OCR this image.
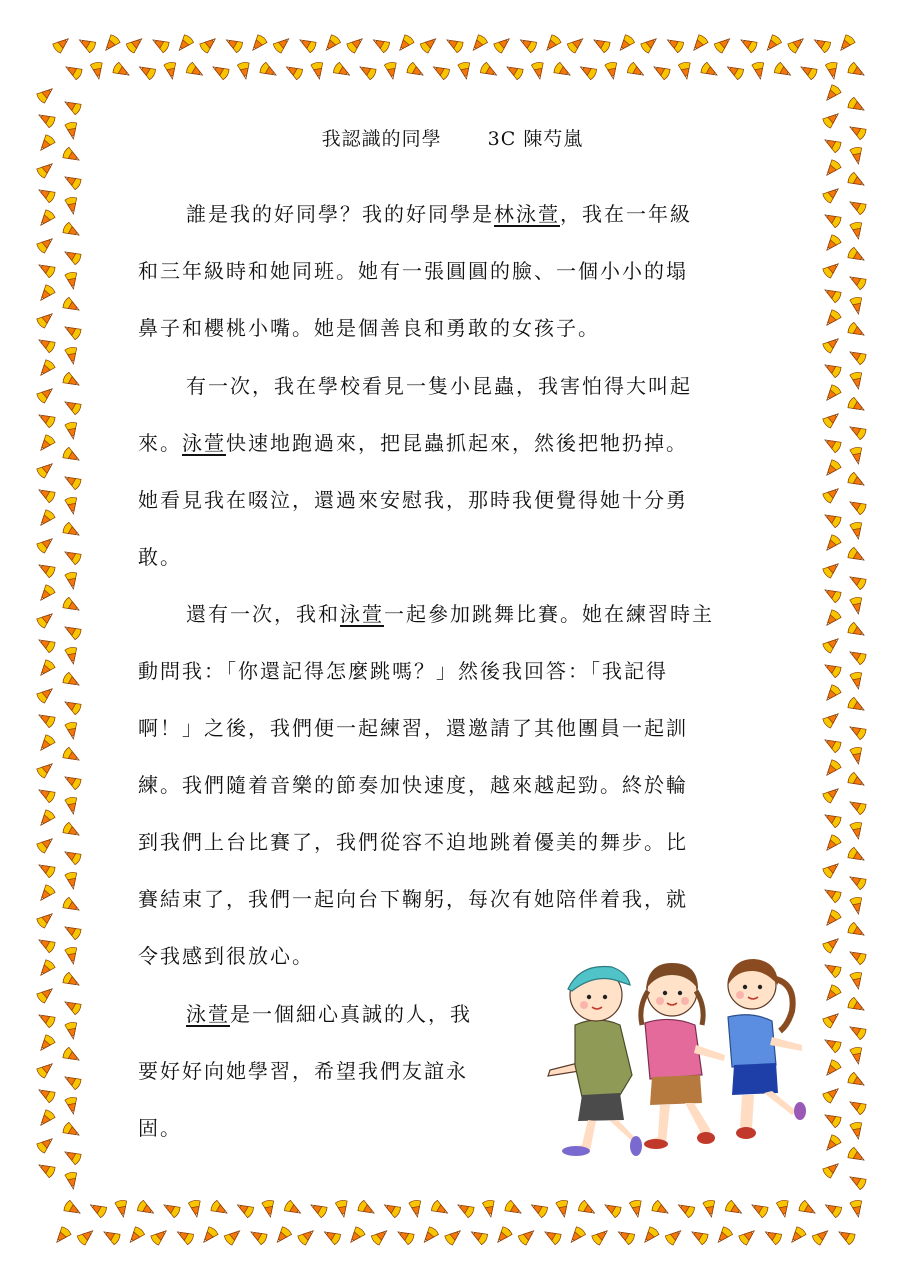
我認識的同學 3C 陳芍嵐
誰是我的好同學？我的好同學是林泳萱，我在一年級
和三年級時和她同班。她有一張圓圓的臉、一個小小的塌
鼻子和櫻桃小嘴。她是個善良和勇敢的女孩子。
有一次，我在學校看見一隻小昆蟲，我害怕得大叫起
來。泳萱快速地跑過來，把昆蟲抓起來，然後把牠扔掉。
她看見我在啜泣，還過來安慰我，那時我便覺得她十分勇
敢。
還有一次，我和泳萱一起參加跳舞比賽。她在練習時主
動問我：「你還記得怎麼跳嗎？」然後我回答：「我記得
啊！」之後，我們便一起練習，還邀請了其他團員一起訓
練。我們隨着音樂的節奏加快速度，越來越起勁。終於輪
到我們上台比賽了，我們從容不迫地跳着優美的舞步。比
賽結束了，我們一起向台下鞠躬，每次有她陪伴着我，就
令我感到很放心。
泳萱是一個細心真誠的人，我
要好好向她學習，希望我們友誼永
固。
